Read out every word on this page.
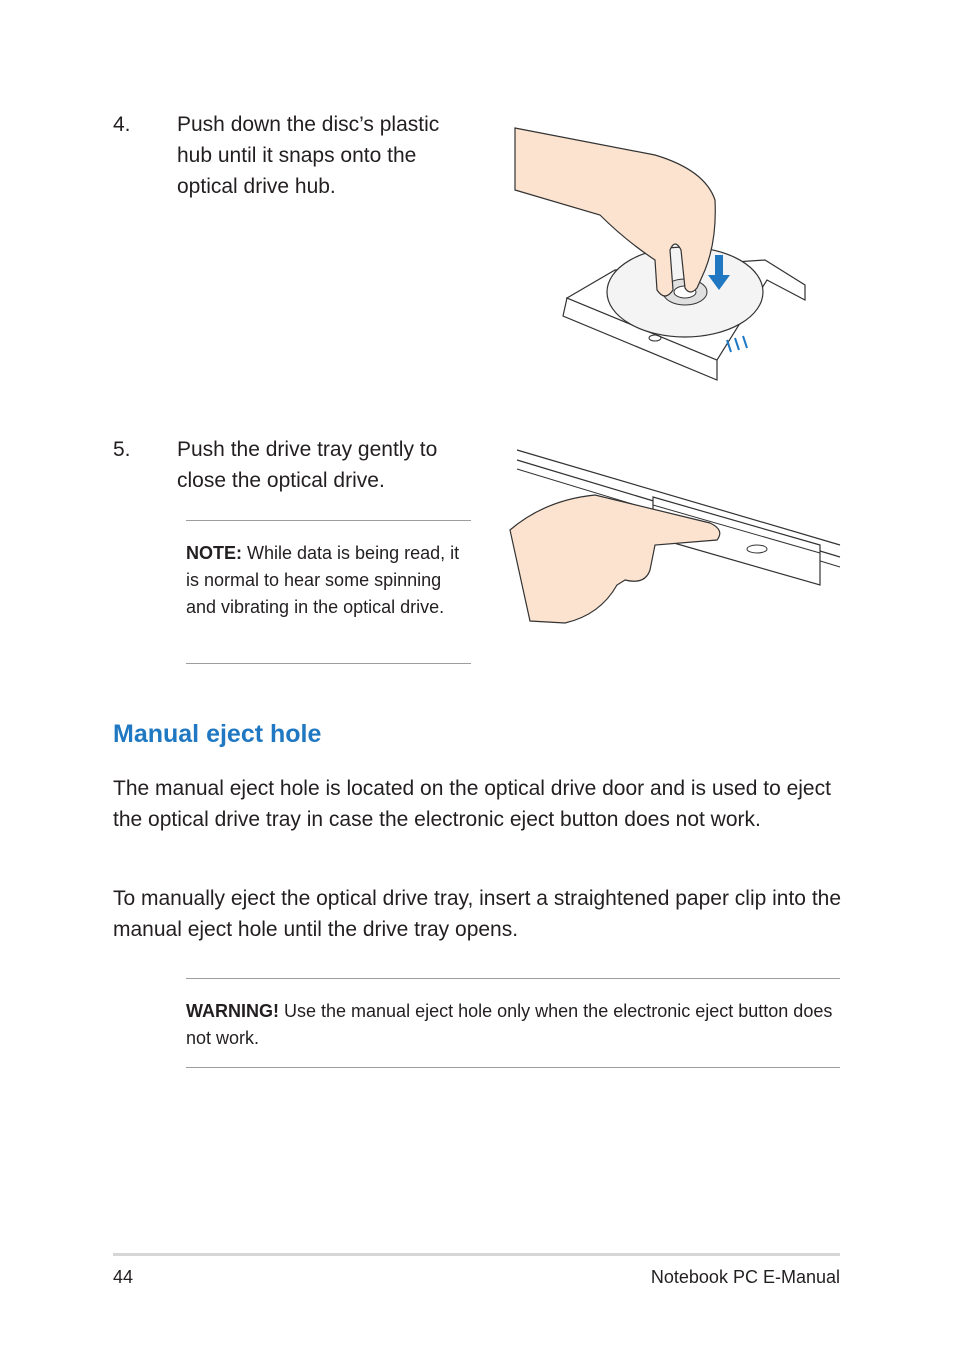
4. Push down the disc’s plastic hub until it snaps onto the optical drive hub.
5. Push the drive tray gently to close the optical drive.
NOTE: While data is being read, it is normal to hear some spinning and vibrating in the optical drive.
Manual eject hole
The manual eject hole is located on the optical drive door and is used to eject the optical drive tray in case the electronic eject button does not work.
To manually eject the optical drive tray, insert a straightened paper clip into the manual eject hole until the drive tray opens.
WARNING! Use the manual eject hole only when the electronic eject button does not work.
44	Notebook PC E-Manual
